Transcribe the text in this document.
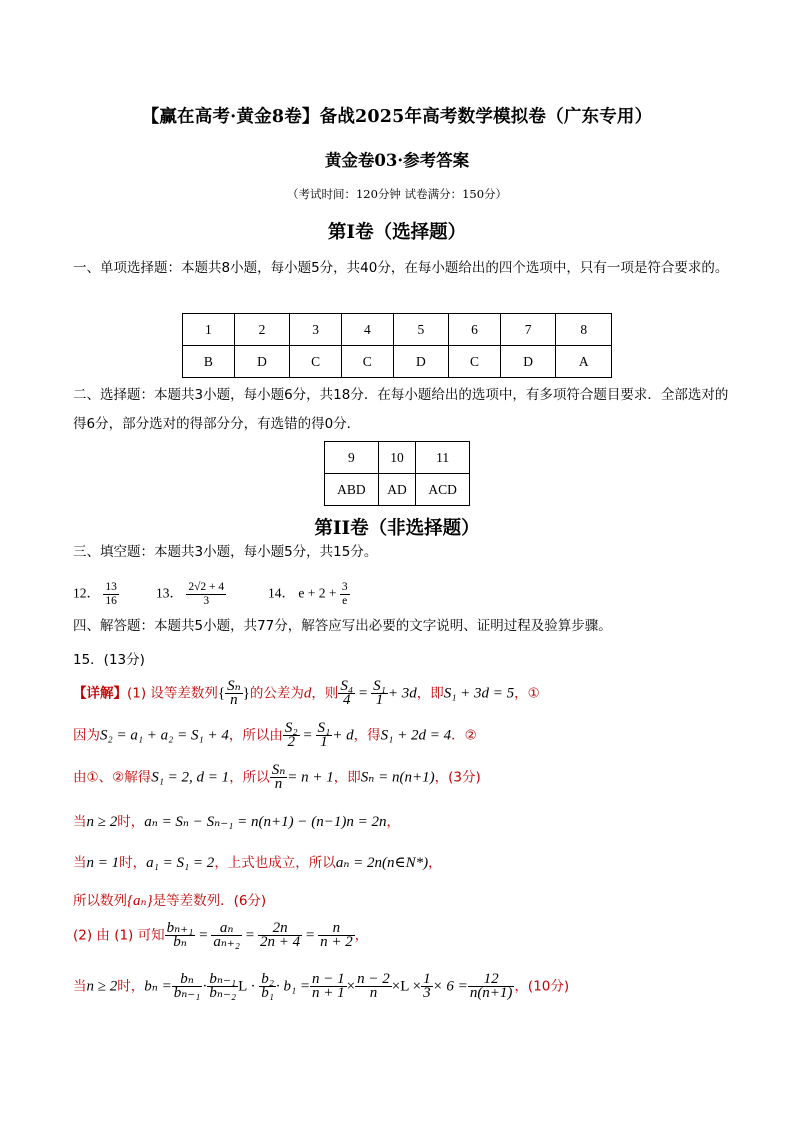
【赢在高考·黄金8卷】备战2025年高考数学模拟卷（广东专用）
黄金卷03·参考答案
（考试时间：120分钟 试卷满分：150分）
第I卷（选择题）
一、单项选择题：本题共8小题，每小题5分，共40分，在每小题给出的四个选项中，只有一项是符合要求的。
1	2	3	4	5	6	7	8
B	D	C	C	D	C	D	A
二、选择题：本题共3小题，每小题6分，共18分．在每小题给出的选项中，有多项符合题目要求．全部选对的得6分，部分选对的得部分分，有选错的得0分．
9	10	11
ABD	AD	ACD
第II卷（非选择题）
三、填空题：本题共3小题，每小题5分，共15分。
12． $\frac{13}{16}$	13． $\frac{2√2 + 4}{3}$	14． $e + 2 + \frac{3}{e}$
四、解答题：本题共5小题，共77分，解答应写出必要的文字说明、证明过程及验算步骤。
15．(13分)
【详解】(1) 设等差数列{ $\frac{\text{Sₙ}}{n}$ }的公差为d，则 $\frac{\text{S₄}}{4} = \frac{\text{S₁}}{1} + 3d$，即S₁ + 3d = 5，①
因为S₂ = a₁ + a₂ = S₁ + 4，所以由 $\frac{\text{S₂}}{2} = \frac{\text{S₁}}{1} + d$，得S₁ + 2d = 4．②
由①、②解得S₁ = 2, d = 1，所以 $\frac{\text{Sₙ}}{n} = n + 1$，即Sₙ = n(n+1)，(3分)
当n ≥ 2时，aₙ = Sₙ − Sₙ₋₁ = n(n+1) − (n−1)n = 2n，
当n = 1时，a₁ = S₁ = 2，上式也成立，所以aₙ = 2n(n∈N*)，
所以数列{aₙ}是等差数列．(6分)
(2) 由 (1) 可知 $\frac{\text{bₙ₊₁}}{\text{bₙ}} = \frac{\text{aₙ}}{\text{aₙ₊₂}} = \frac{2n}{2n + 4} = \frac{n}{n + 2}$ ，
当n ≥ 2时，$b_n = \frac{\text{bₙ}}{\text{bₙ₋₁}} \cdot \frac{\text{bₙ₋₁}}{\text{bₙ₋₂}}$ $L \cdot \frac{\text{b₂}}{\text{b₁}} \cdot b_1 = \frac{n - 1}{n + 1} \times \frac{n - 2}{n} \times L \times \frac{1}{3} \times 6 = \frac{12}{n(n+1)}$ ，(10分)
